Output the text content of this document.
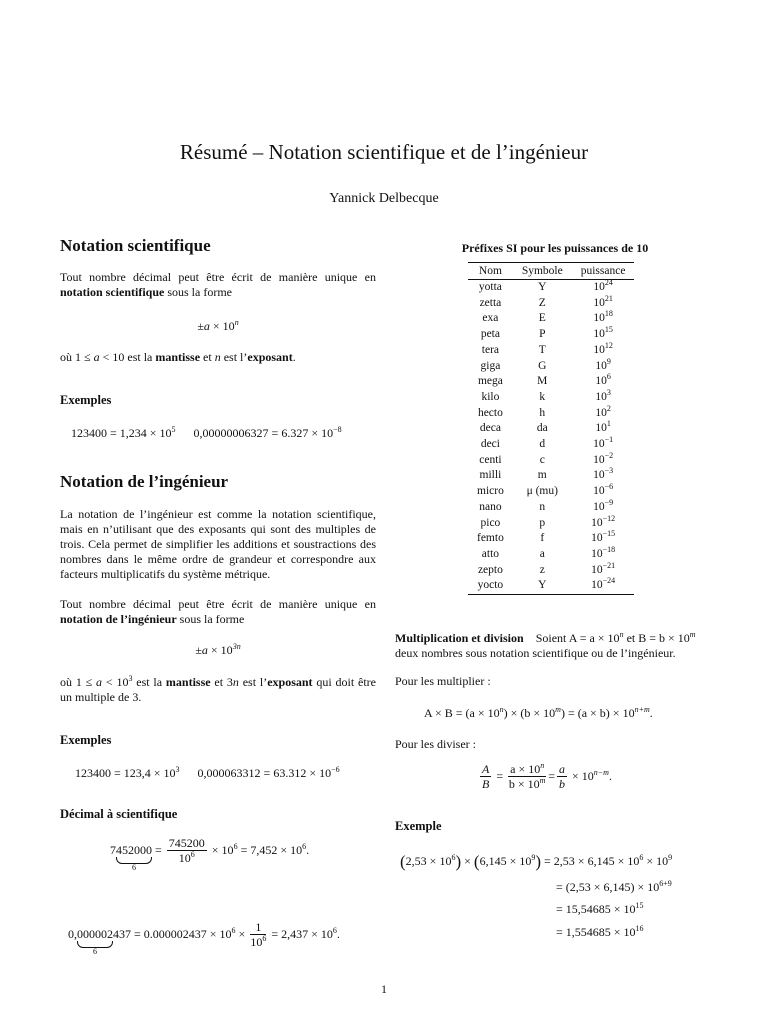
Résumé – Notation scientifique et de l’ingénieur
Yannick Delbecque
Notation scientifique
Tout nombre décimal peut être écrit de manière unique en notation scientifique sous la forme
$\pm a \times 10^n$
où 1 ≤ a < 10 est la mantisse et n est l’exposant.
Exemples
$123400 = 1,234 \times 10^5$ $0,00000006327 = 6.327 \times 10^{-8}$
Notation de l’ingénieur
La notation de l’ingénieur est comme la notation scientifique, mais en n’utilisant que des exposants qui sont des multiples de trois. Cela permet de simplifier les additions et soustractions des nombres dans le même ordre de grandeur et correspondre aux facteurs multiplicatifs du système métrique.
Tout nombre décimal peut être écrit de manière unique en notation de l’ingénieur sous la forme
$\pm a \times 10^{3n}$
où $1 \le a < 10^3$ est la mantisse et 3n est l’exposant qui doit être un multiple de 3.
Exemples
$123400 = 123,4 \times 10^3$ $0,000063312 = 63.312 \times 10^{-6}$
Décimal à scientifique
7452000
6
= $\frac{745200}{10^6} \times 10^6 = 7,452 \times 10^6$.
0,000002
6
$437 = 0.000002437 \times 10^6 \times \frac{1}{10^6} = 2,437 \times 10^6$.
Préfixes SI pour les puissances de 10
Nom	Symbole	puissance
yotta	Y	$10^{24}$
zetta	Z	$10^{21}$
exa	E	$10^{18}$
peta	P	$10^{15}$
tera	T	$10^{12}$
giga	G	$10^9$
mega	M	$10^6$
kilo	k	$10^3$
hecto	h	$10^2$
deca	da	$10^1$
deci	d	$10^{-1}$
centi	c	$10^{-2}$
milli	m	$10^{-3}$
micro	μ (mu)	$10^{-6}$
nano	n	$10^{-9}$
pico	p	$10^{-12}$
femto	f	$10^{-15}$
atto	a	$10^{-18}$
zepto	z	$10^{-21}$
yocto	Y	$10^{-24}$
Multiplication et division Soient $A = a \times 10^n$ et $B = b \times 10^m$
deux nombres sous notation scientifique ou de l’ingénieur.
Pour les multiplier :
$A \times B = (a \times 10^n) \times (b \times 10^m) = (a \times b) \times 10^{n+m}$.
Pour les diviser :
$\frac{A}{B} = \frac{a \times 10^n}{b \times 10^m} = \frac{a}{b} \times 10^{n-m}$.
Exemple
$(2,53 \times 10^6) \times (6,145 \times 10^9) = 2,53 \times 6,145 \times 10^6 \times 10^9$
= $(2,53 \times 6,145) \times 10^{6+9}$
= $15,54685 \times 10^{15}$
= $1,554685 \times 10^{16}$
1
